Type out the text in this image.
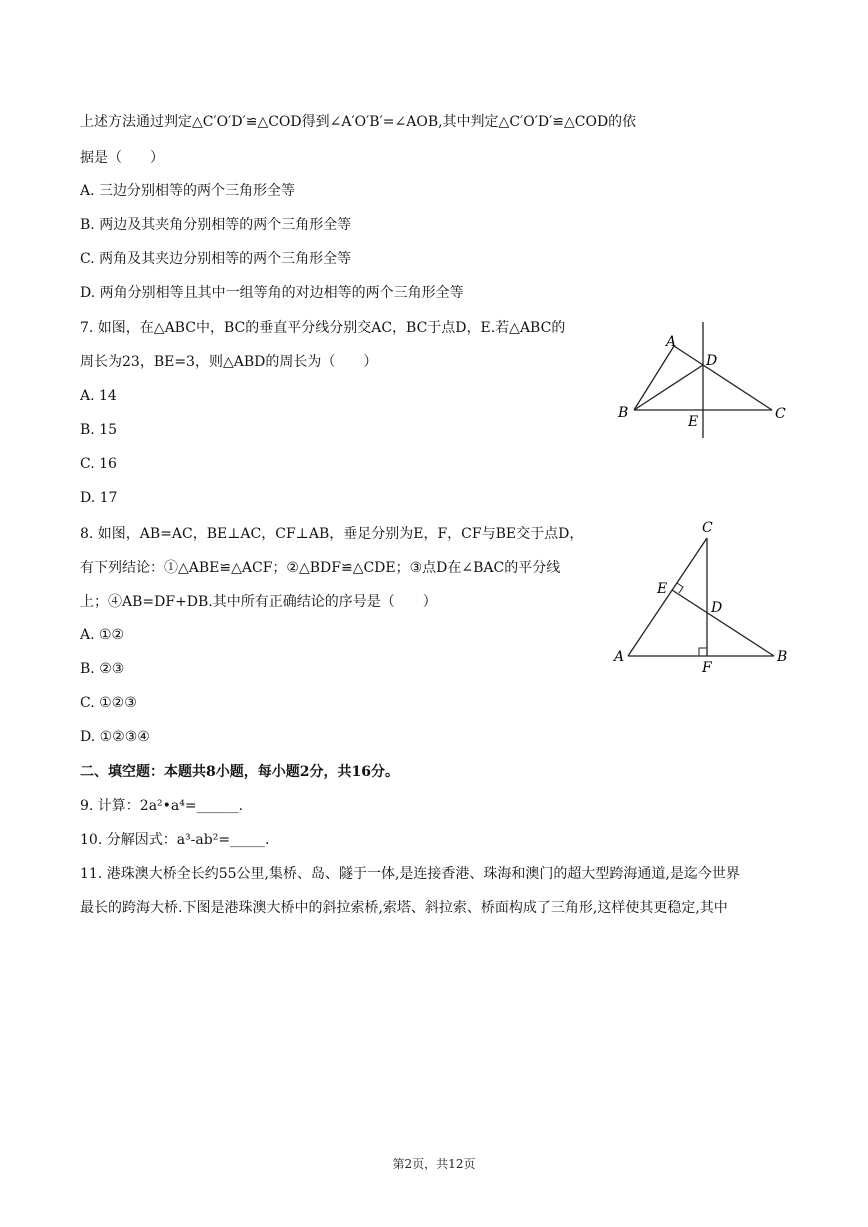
上述方法通过判定△C′O′D′≌△COD得到∠A′O′B′=∠AOB,其中判定△C′O′D′≌△COD的依
据是（　　）
A. 三边分别相等的两个三角形全等
B. 两边及其夹角分别相等的两个三角形全等
C. 两角及其夹边分别相等的两个三角形全等
D. 两角分别相等且其中一组等角的对边相等的两个三角形全等
7. 如图，在△ABC中，BC的垂直平分线分别交AC，BC于点D，E.若△ABC的
周长为23，BE=3，则△ABD的周长为（　　）
A. 14
B. 15
C. 16
D. 17
8. 如图，AB=AC，BE⊥AC，CF⊥AB，垂足分别为E，F，CF与BE交于点D，
有下列结论：①△ABE≌△ACF；②△BDF≌△CDE；③点D在∠BAC的平分线
上；④AB=DF+DB.其中所有正确结论的序号是（　　）
A. ①②
B. ②③
C. ①②③
D. ①②③④
二、填空题：本题共8小题，每小题2分，共16分。
9. 计算：2a²•a⁴=______.
10. 分解因式：a³-ab²=_____.
11. 港珠澳大桥全长约55公里,集桥、岛、隧于一体,是连接香港、珠海和澳门的超大型跨海通道,是迄今世界
最长的跨海大桥.下图是港珠澳大桥中的斜拉索桥,索塔、斜拉索、桥面构成了三角形,这样使其更稳定,其中
A
D
B
E	C
C
E
D
A
F
B
第2页，共12页
